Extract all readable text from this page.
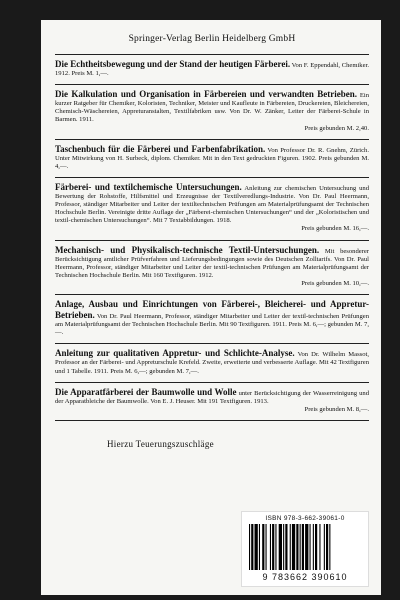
Springer-Verlag Berlin Heidelberg GmbH
Die Echtheitsbewegung und der Stand der heutigen Färberei. Von F. Eppendahl, Chemiker. 1912. Preis M. 1,—.
Die Kalkulation und Organisation in Färbereien und verwandten Betrieben. Ein kurzer Ratgeber für Chemiker, Koloristen, Techniker, Meister und Kaufleute in Färbereien, Druckereien, Bleichereien, Chemisch-Wäschereien, Appreturanstalten, Textilfabriken usw. Von Dr. W. Zänker, Leiter der Färberei-Schule in Barmen. 1911.
Preis gebunden M. 2,40.
Taschenbuch für die Färberei und Farbenfabrikation. Von Professor Dr. R. Gnehm, Zürich. Unter Mitwirkung von H. Surbeck, diplom. Chemiker. Mit in den Text gedruckten Figuren. 1902. Preis gebunden M. 4,—.
Färberei- und textilchemische Untersuchungen. Anleitung zur chemischen Untersuchung und Bewertung der Rohstoffe, Hilfsmittel und Erzeugnisse der Textilveredlungs-Industrie. Von Dr. Paul Heermann, Professor, ständiger Mitarbeiter und Leiter der textiltechnischen Prüfungen am Materialprüfungsamt der Technischen Hochschule Berlin. Vereinigte dritte Auflage der „Färberei-chemischen Untersuchungen“ und der „Koloristischen und textil-chemischen Untersuchungen“. Mit 7 Textabbildungen. 1918.
Preis gebunden M. 16,—.
Mechanisch- und Physikalisch-technische Textil-Untersuchungen. Mit besonderer Berücksichtigung amtlicher Prüfverfahren und Lieferungsbedingungen sowie des Deutschen Zolltarifs. Von Dr. Paul Heermann, Professor, ständiger Mitarbeiter und Leiter der textil-technischen Prüfungen am Materialprüfungsamt der Technischen Hochschule Berlin. Mit 160 Textfiguren. 1912.
Preis gebunden M. 10,—.
Anlage, Ausbau und Einrichtungen von Färberei-, Bleicherei- und Appretur-Betrieben. Von Dr. Paul Heermann, Professor, ständiger Mitarbeiter und Leiter der textil-technischen Prüfungen am Materialprüfungsamt der Technischen Hochschule Berlin. Mit 90 Textfiguren. 1911. Preis M. 6,—; gebunden M. 7,—.
Anleitung zur qualitativen Appretur- und Schlichte-Analyse. Von Dr. Wilhelm Massot, Professor an der Färberei- und Appreturschule Krefeld. Zweite, erweiterte und verbesserte Auflage. Mit 42 Textfiguren und 1 Tabelle. 1911. Preis M. 6,—; gebunden M. 7,—.
Die Apparatfärberei der Baumwolle und Wolle unter Berücksichtigung der Wasserreinigung und der Apparatbleiche der Baumwolle. Von E. J. Heuser. Mit 191 Textfiguren. 1913.
Preis gebunden M. 8,—.
Hierzu Teuerungszuschläge
ISBN 978-3-662-39061-0
9 783662 390610
